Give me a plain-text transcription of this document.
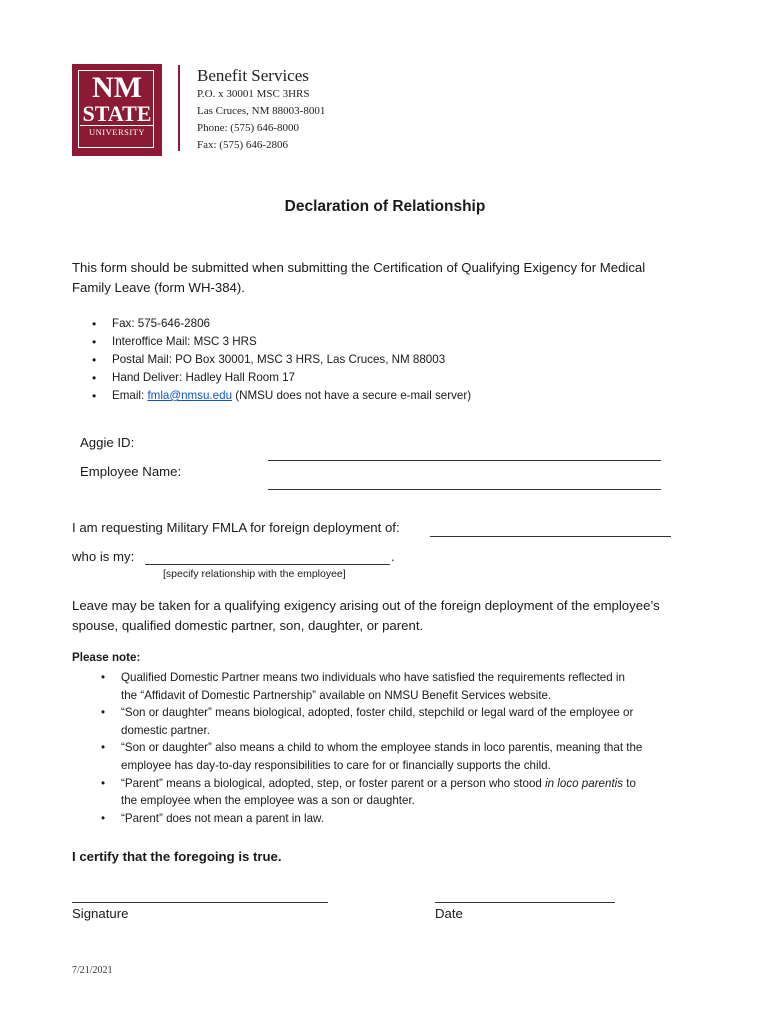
NM
STATE
UNIVERSITY
Benefit Services
P.O. x 30001 MSC 3HRS
Las Cruces, NM 88003-8001
Phone: (575) 646-8000
Fax: (575) 646-2806
Declaration of Relationship
This form should be submitted when submitting the Certification of Qualifying Exigency for Medical
Family Leave (form WH-384).
• Fax: 575-646-2806
• Interoffice Mail: MSC 3 HRS
• Postal Mail: PO Box 30001, MSC 3 HRS, Las Cruces, NM 88003
• Hand Deliver: Hadley Hall Room 17
• Email: fmla@nmsu.edu (NMSU does not have a secure e-mail server)
Aggie ID:
Employee Name:
I am requesting Military FMLA for foreign deployment of:
who is my:	.
[specify relationship with the employee]
Leave may be taken for a qualifying exigency arising out of the foreign deployment of the employee’s
spouse, qualified domestic partner, son, daughter, or parent.
Please note:
• Qualified Domestic Partner means two individuals who have satisfied the requirements reflected in
the “Affidavit of Domestic Partnership” available on NMSU Benefit Services website.
• “Son or daughter” means biological, adopted, foster child, stepchild or legal ward of the employee or
domestic partner.
• “Son or daughter” also means a child to whom the employee stands in loco parentis, meaning that the
employee has day-to-day responsibilities to care for or financially supports the child.
• “Parent” means a biological, adopted, step, or foster parent or a person who stood in loco parentis to
the employee when the employee was a son or daughter.
• “Parent” does not mean a parent in law.
I certify that the foregoing is true.
Signature	Date
7/21/2021
